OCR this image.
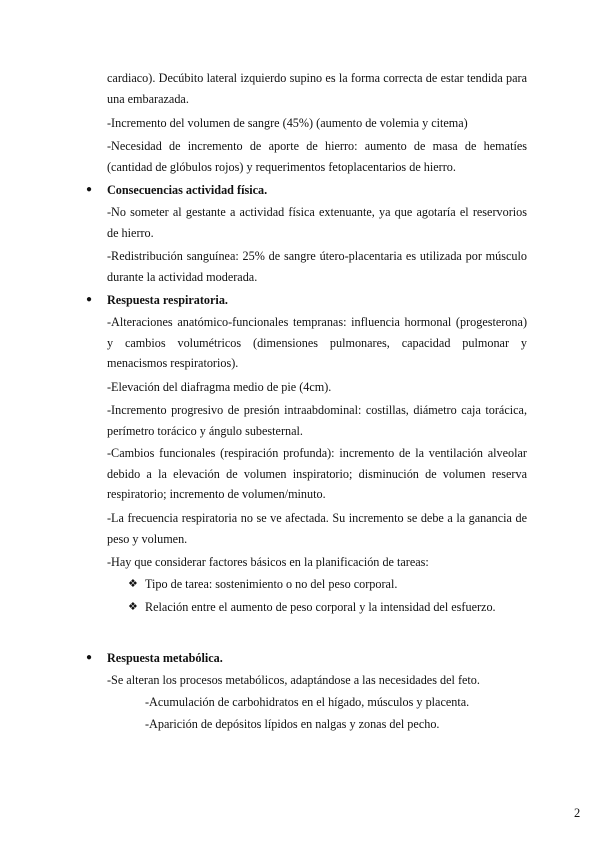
cardiaco). Decúbito lateral izquierdo supino es la forma correcta de estar tendida para una embarazada.
-Incremento del volumen de sangre (45%) (aumento de volemia y citema)
-Necesidad de incremento de aporte de hierro: aumento de masa de hematíes (cantidad de glóbulos rojos) y requerimentos fetoplacentarios de hierro.
● Consecuencias actividad física.
-No someter al gestante a actividad física extenuante, ya que agotaría el reservorios de hierro.
-Redistribución sanguínea: 25% de sangre útero-placentaria es utilizada por músculo durante la actividad moderada.
● Respuesta respiratoria.
-Alteraciones anatómico-funcionales tempranas: influencia hormonal (progesterona) y cambios volumétricos (dimensiones pulmonares, capacidad pulmonar y menacismos respiratorios).
-Elevación del diafragma medio de pie (4cm).
-Incremento progresivo de presión intraabdominal: costillas, diámetro caja torácica, perímetro torácico y ángulo subesternal.
-Cambios funcionales (respiración profunda): incremento de la ventilación alveolar debido a la elevación de volumen inspiratorio; disminución de volumen reserva respiratorio; incremento de volumen/minuto.
-La frecuencia respiratoria no se ve afectada. Su incremento se debe a la ganancia de peso y volumen.
-Hay que considerar factores básicos en la planificación de tareas:
❖ Tipo de tarea: sostenimiento o no del peso corporal.
❖ Relación entre el aumento de peso corporal y la intensidad del esfuerzo.
● Respuesta metabólica.
-Se alteran los procesos metabólicos, adaptándose a las necesidades del feto.
-Acumulación de carbohidratos en el hígado, músculos y placenta.
-Aparición de depósitos lípidos en nalgas y zonas del pecho.
2
